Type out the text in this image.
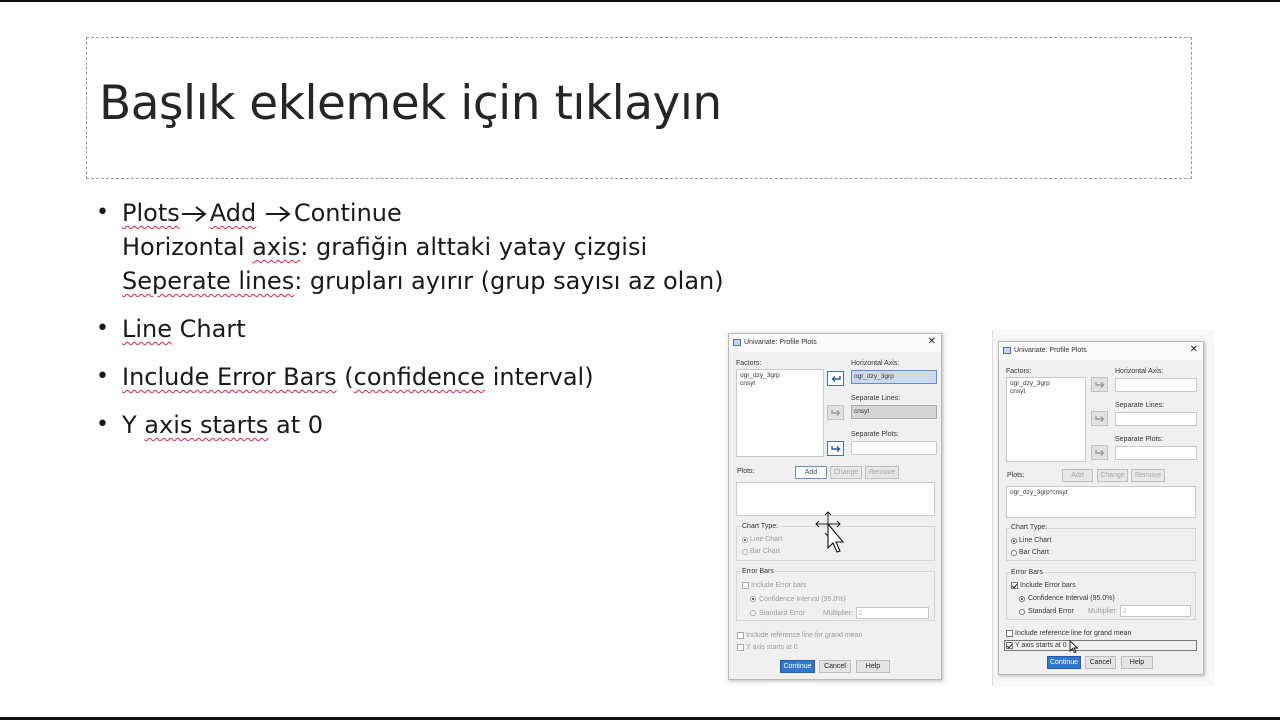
Başlık eklemek için tıklayın
• Plots Add Continue
Horizontal axis: grafiğin alttaki yatay çizgisi
Seperate lines: grupları ayırır (grup sayısı az olan)
• Line Chart
• Include Error Bars (confidence interval)
• Y axis starts at 0
Univariate: Profile Plots	✕
Factors:
ogr_dzy_3grp
cnsyt
Horizontal Axis:
ogr_dzy_3grp
Separate Lines:
cnsyt
Separate Plots:
Plots:	Add	Change	Remove
Chart Type:
Line Chart
Bar Chart
Error Bars
Include Error bars
Confidence Interval (95.0%)
Standard Error	Multiplier: 2
Include reference line for grand mean
Y axis starts at 0
Continue	Cancel	Help
Univariate: Profile Plots	✕
Factors:
ogr_dzy_3grp
cnsyt
Horizontal Axis:
Separate Lines:
Separate Plots:
Plots:	Add	Change	Remove
ogr_dzy_3grp*cnsyt
Chart Type:
Line Chart
Bar Chart
Error Bars
Include Error bars
Confidence Interval (95.0%)
Standard Error Multiplier: 2
Include reference line for grand mean
Y axis starts at 0
Continue	Cancel	Help
